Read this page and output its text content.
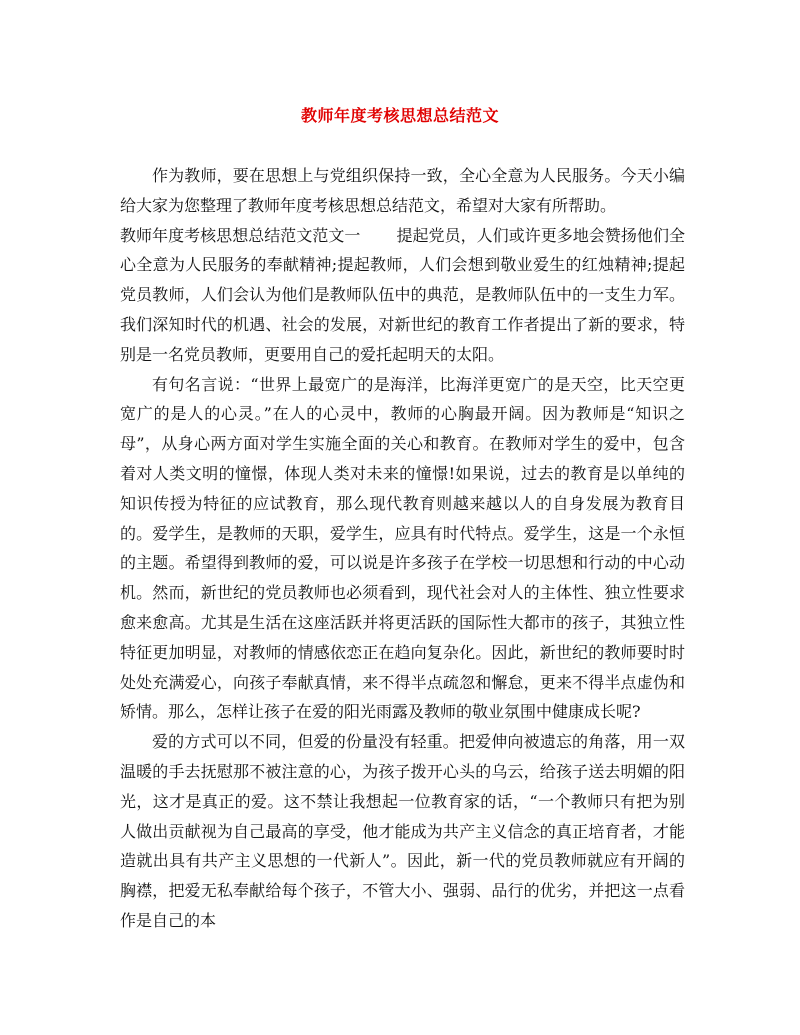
教师年度考核思想总结范文

作为教师，要在思想上与党组织保持一致，全心全意为人民服务。今天小编给大家为您整理了教师年度考核思想总结范文，希望对大家有所帮助。

教师年度考核思想总结范文范文一 提起党员，人们或许更多地会赞扬他们全心全意为人民服务的奉献精神;提起教师，人们会想到敬业爱生的红烛精神;提起党员教师，人们会认为他们是教师队伍中的典范，是教师队伍中的一支生力军。我们深知时代的机遇、社会的发展，对新世纪的教育工作者提出了新的要求，特别是一名党员教师，更要用自己的爱托起明天的太阳。

有句名言说：“世界上最宽广的是海洋，比海洋更宽广的是天空，比天空更宽广的是人的心灵。”在人的心灵中，教师的心胸最开阔。因为教师是“知识之母”，从身心两方面对学生实施全面的关心和教育。在教师对学生的爱中，包含着对人类文明的憧憬，体现人类对未来的憧憬!如果说，过去的教育是以单纯的知识传授为特征的应试教育，那么现代教育则越来越以人的自身发展为教育目的。爱学生，是教师的天职，爱学生，应具有时代特点。爱学生，这是一个永恒的主题。希望得到教师的爱，可以说是许多孩子在学校一切思想和行动的中心动机。然而，新世纪的党员教师也必须看到，现代社会对人的主体性、独立性要求愈来愈高。尤其是生活在这座活跃并将更活跃的国际性大都市的孩子，其独立性特征更加明显，对教师的情感依恋正在趋向复杂化。因此，新世纪的教师要时时处处充满爱心，向孩子奉献真情，来不得半点疏忽和懈怠，更来不得半点虚伪和矫情。那么，怎样让孩子在爱的阳光雨露及教师的敬业氛围中健康成长呢?

爱的方式可以不同，但爱的份量没有轻重。把爱伸向被遗忘的角落，用一双温暖的手去抚慰那不被注意的心，为孩子拨开心头的乌云，给孩子送去明媚的阳光，这才是真正的爱。这不禁让我想起一位教育家的话，“一个教师只有把为别人做出贡献视为自己最高的享受，他才能成为共产主义信念的真正培育者，才能造就出具有共产主义思想的一代新人”。因此，新一代的党员教师就应有开阔的胸襟，把爱无私奉献给每个孩子，不管大小、强弱、品行的优劣，并把这一点看作是自己的本
